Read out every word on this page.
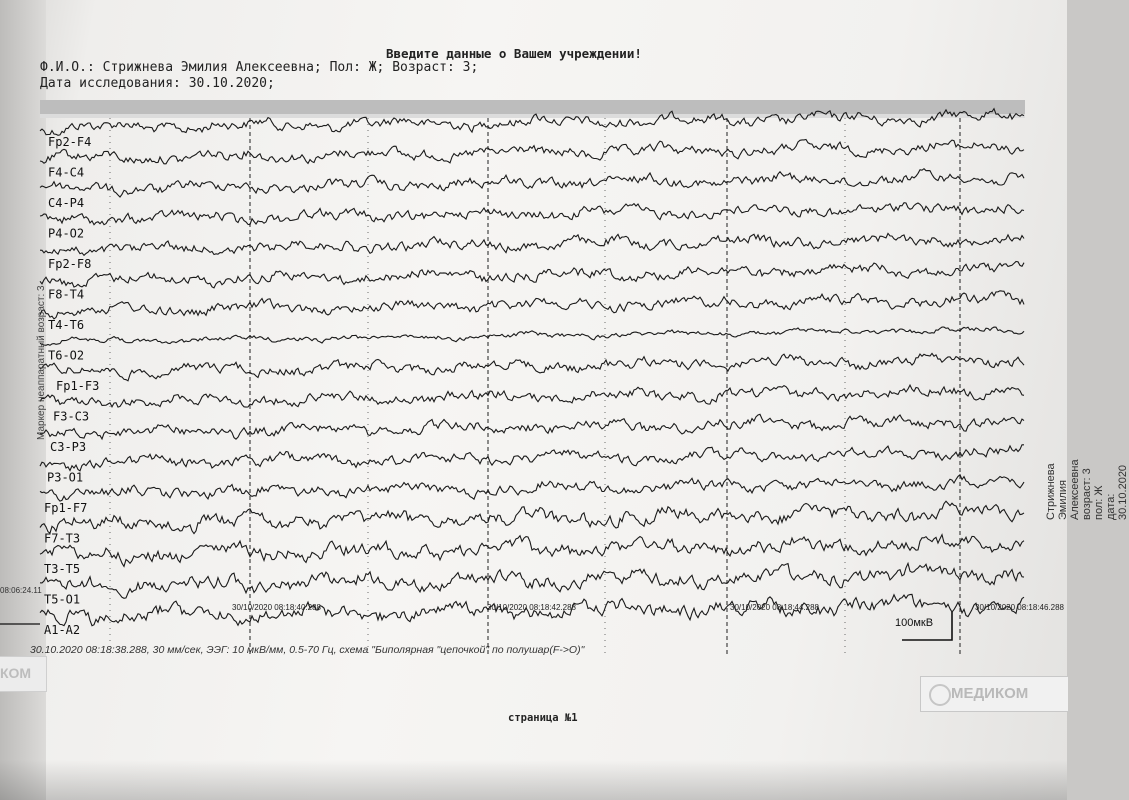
Fp2-F4
F4-C4
C4-P4
P4-O2
Fp2-F8
F8-T4
T4-T6
T6-O2
Fp1-F3
F3-C3
C3-P3
P3-O1
Fp1-F7
F7-T3
T3-T5
T5-O1
A1-A2
30/10/2020 08:18:40.288	30/10/2020 08:18:42.288	30/10/2020 08:18:44.288	30/10/2020 08:18:46.288
100мкВ
Введите данные о Вашем учреждении!
Ф.И.О.: Стрижнева Эмилия Алексеевна; Пол: Ж; Возраст: 3;
Дата исследования: 30.10.2020;
Стрижнева Эмилия Алексеевна возраст: 3 пол: Ж дата: 30.10.2020
Маркер неаппаратный возраст: 3
08:06:24.11
30.10.2020 08:18:38.288, 30 мм/сек, ЭЭГ: 10 мкВ/мм, 0.5-70 Гц, схема "Биполярная "цепочкой" по полушар(F->O)"
страница №1
МЕДИКОМ
КОМ
